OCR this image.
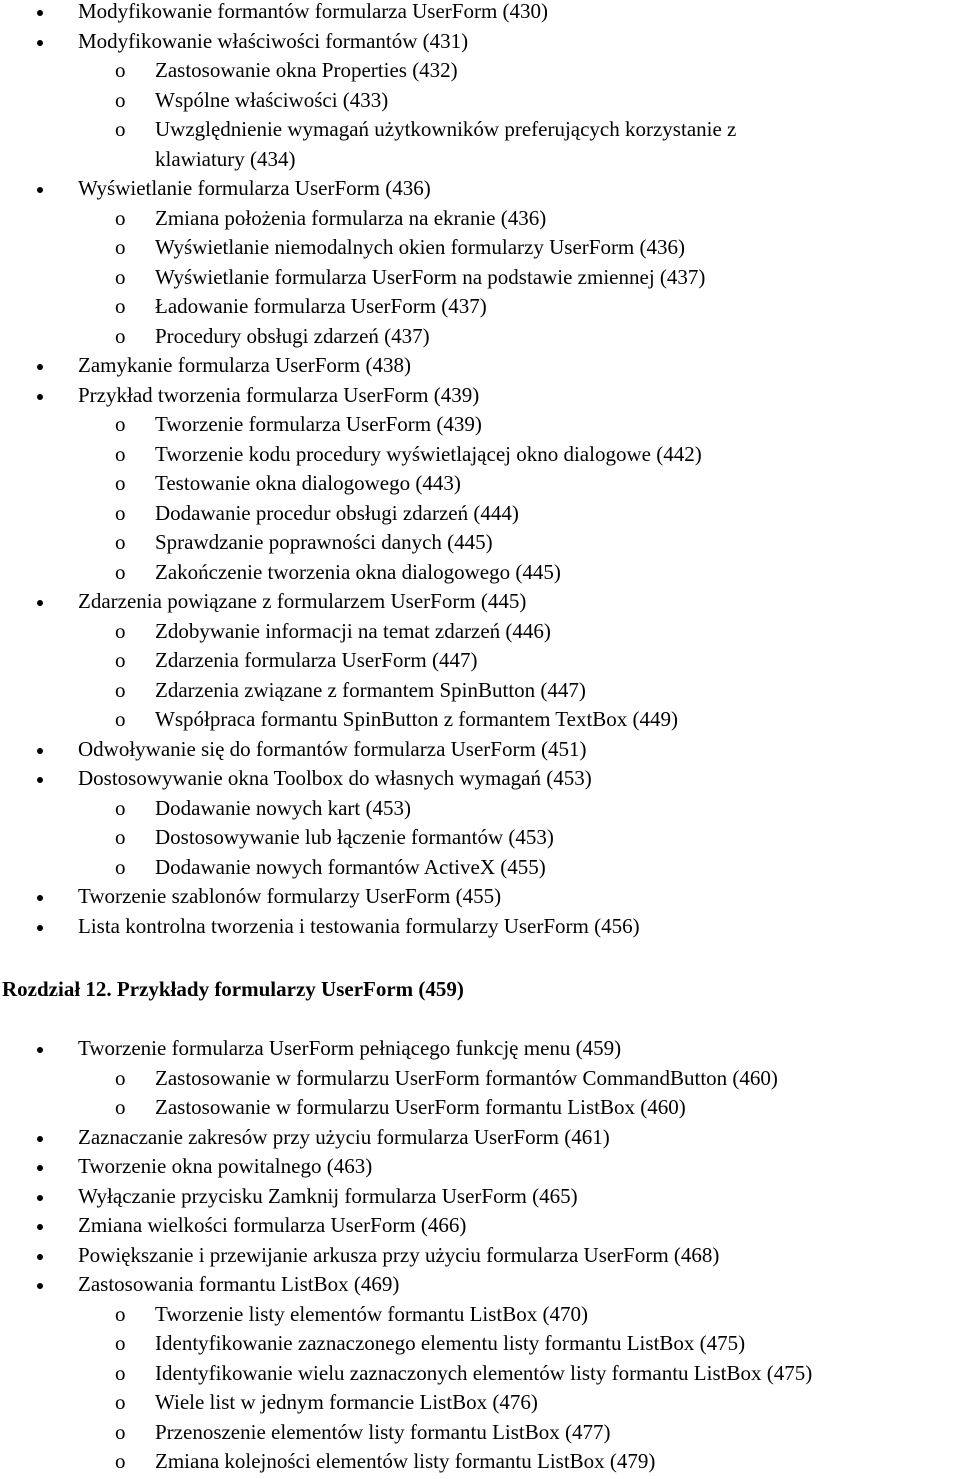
Modyfikowanie formantów formularza UserForm (430)
Modyfikowanie właściwości formantów (431)
o Zastosowanie okna Properties (432)
o Wspólne właściwości (433)
o Uwzględnienie wymagań użytkowników preferujących korzystanie z
klawiatury (434)
Wyświetlanie formularza UserForm (436)
o Zmiana położenia formularza na ekranie (436)
o Wyświetlanie niemodalnych okien formularzy UserForm (436)
o Wyświetlanie formularza UserForm na podstawie zmiennej (437)
o Ładowanie formularza UserForm (437)
o Procedury obsługi zdarzeń (437)
Zamykanie formularza UserForm (438)
Przykład tworzenia formularza UserForm (439)
o Tworzenie formularza UserForm (439)
o Tworzenie kodu procedury wyświetlającej okno dialogowe (442)
o Testowanie okna dialogowego (443)
o Dodawanie procedur obsługi zdarzeń (444)
o Sprawdzanie poprawności danych (445)
o Zakończenie tworzenia okna dialogowego (445)
Zdarzenia powiązane z formularzem UserForm (445)
o Zdobywanie informacji na temat zdarzeń (446)
o Zdarzenia formularza UserForm (447)
o Zdarzenia związane z formantem SpinButton (447)
o Współpraca formantu SpinButton z formantem TextBox (449)
Odwoływanie się do formantów formularza UserForm (451)
Dostosowywanie okna Toolbox do własnych wymagań (453)
o Dodawanie nowych kart (453)
o Dostosowywanie lub łączenie formantów (453)
o Dodawanie nowych formantów ActiveX (455)
Tworzenie szablonów formularzy UserForm (455)
Lista kontrolna tworzenia i testowania formularzy UserForm (456)
Rozdział 12. Przykłady formularzy UserForm (459)
Tworzenie formularza UserForm pełniącego funkcję menu (459)
o Zastosowanie w formularzu UserForm formantów CommandButton (460)
o Zastosowanie w formularzu UserForm formantu ListBox (460)
Zaznaczanie zakresów przy użyciu formularza UserForm (461)
Tworzenie okna powitalnego (463)
Wyłączanie przycisku Zamknij formularza UserForm (465)
Zmiana wielkości formularza UserForm (466)
Powiększanie i przewijanie arkusza przy użyciu formularza UserForm (468)
Zastosowania formantu ListBox (469)
o Tworzenie listy elementów formantu ListBox (470)
o Identyfikowanie zaznaczonego elementu listy formantu ListBox (475)
o Identyfikowanie wielu zaznaczonych elementów listy formantu ListBox (475)
o Wiele list w jednym formancie ListBox (476)
o Przenoszenie elementów listy formantu ListBox (477)
o Zmiana kolejności elementów listy formantu ListBox (479)
